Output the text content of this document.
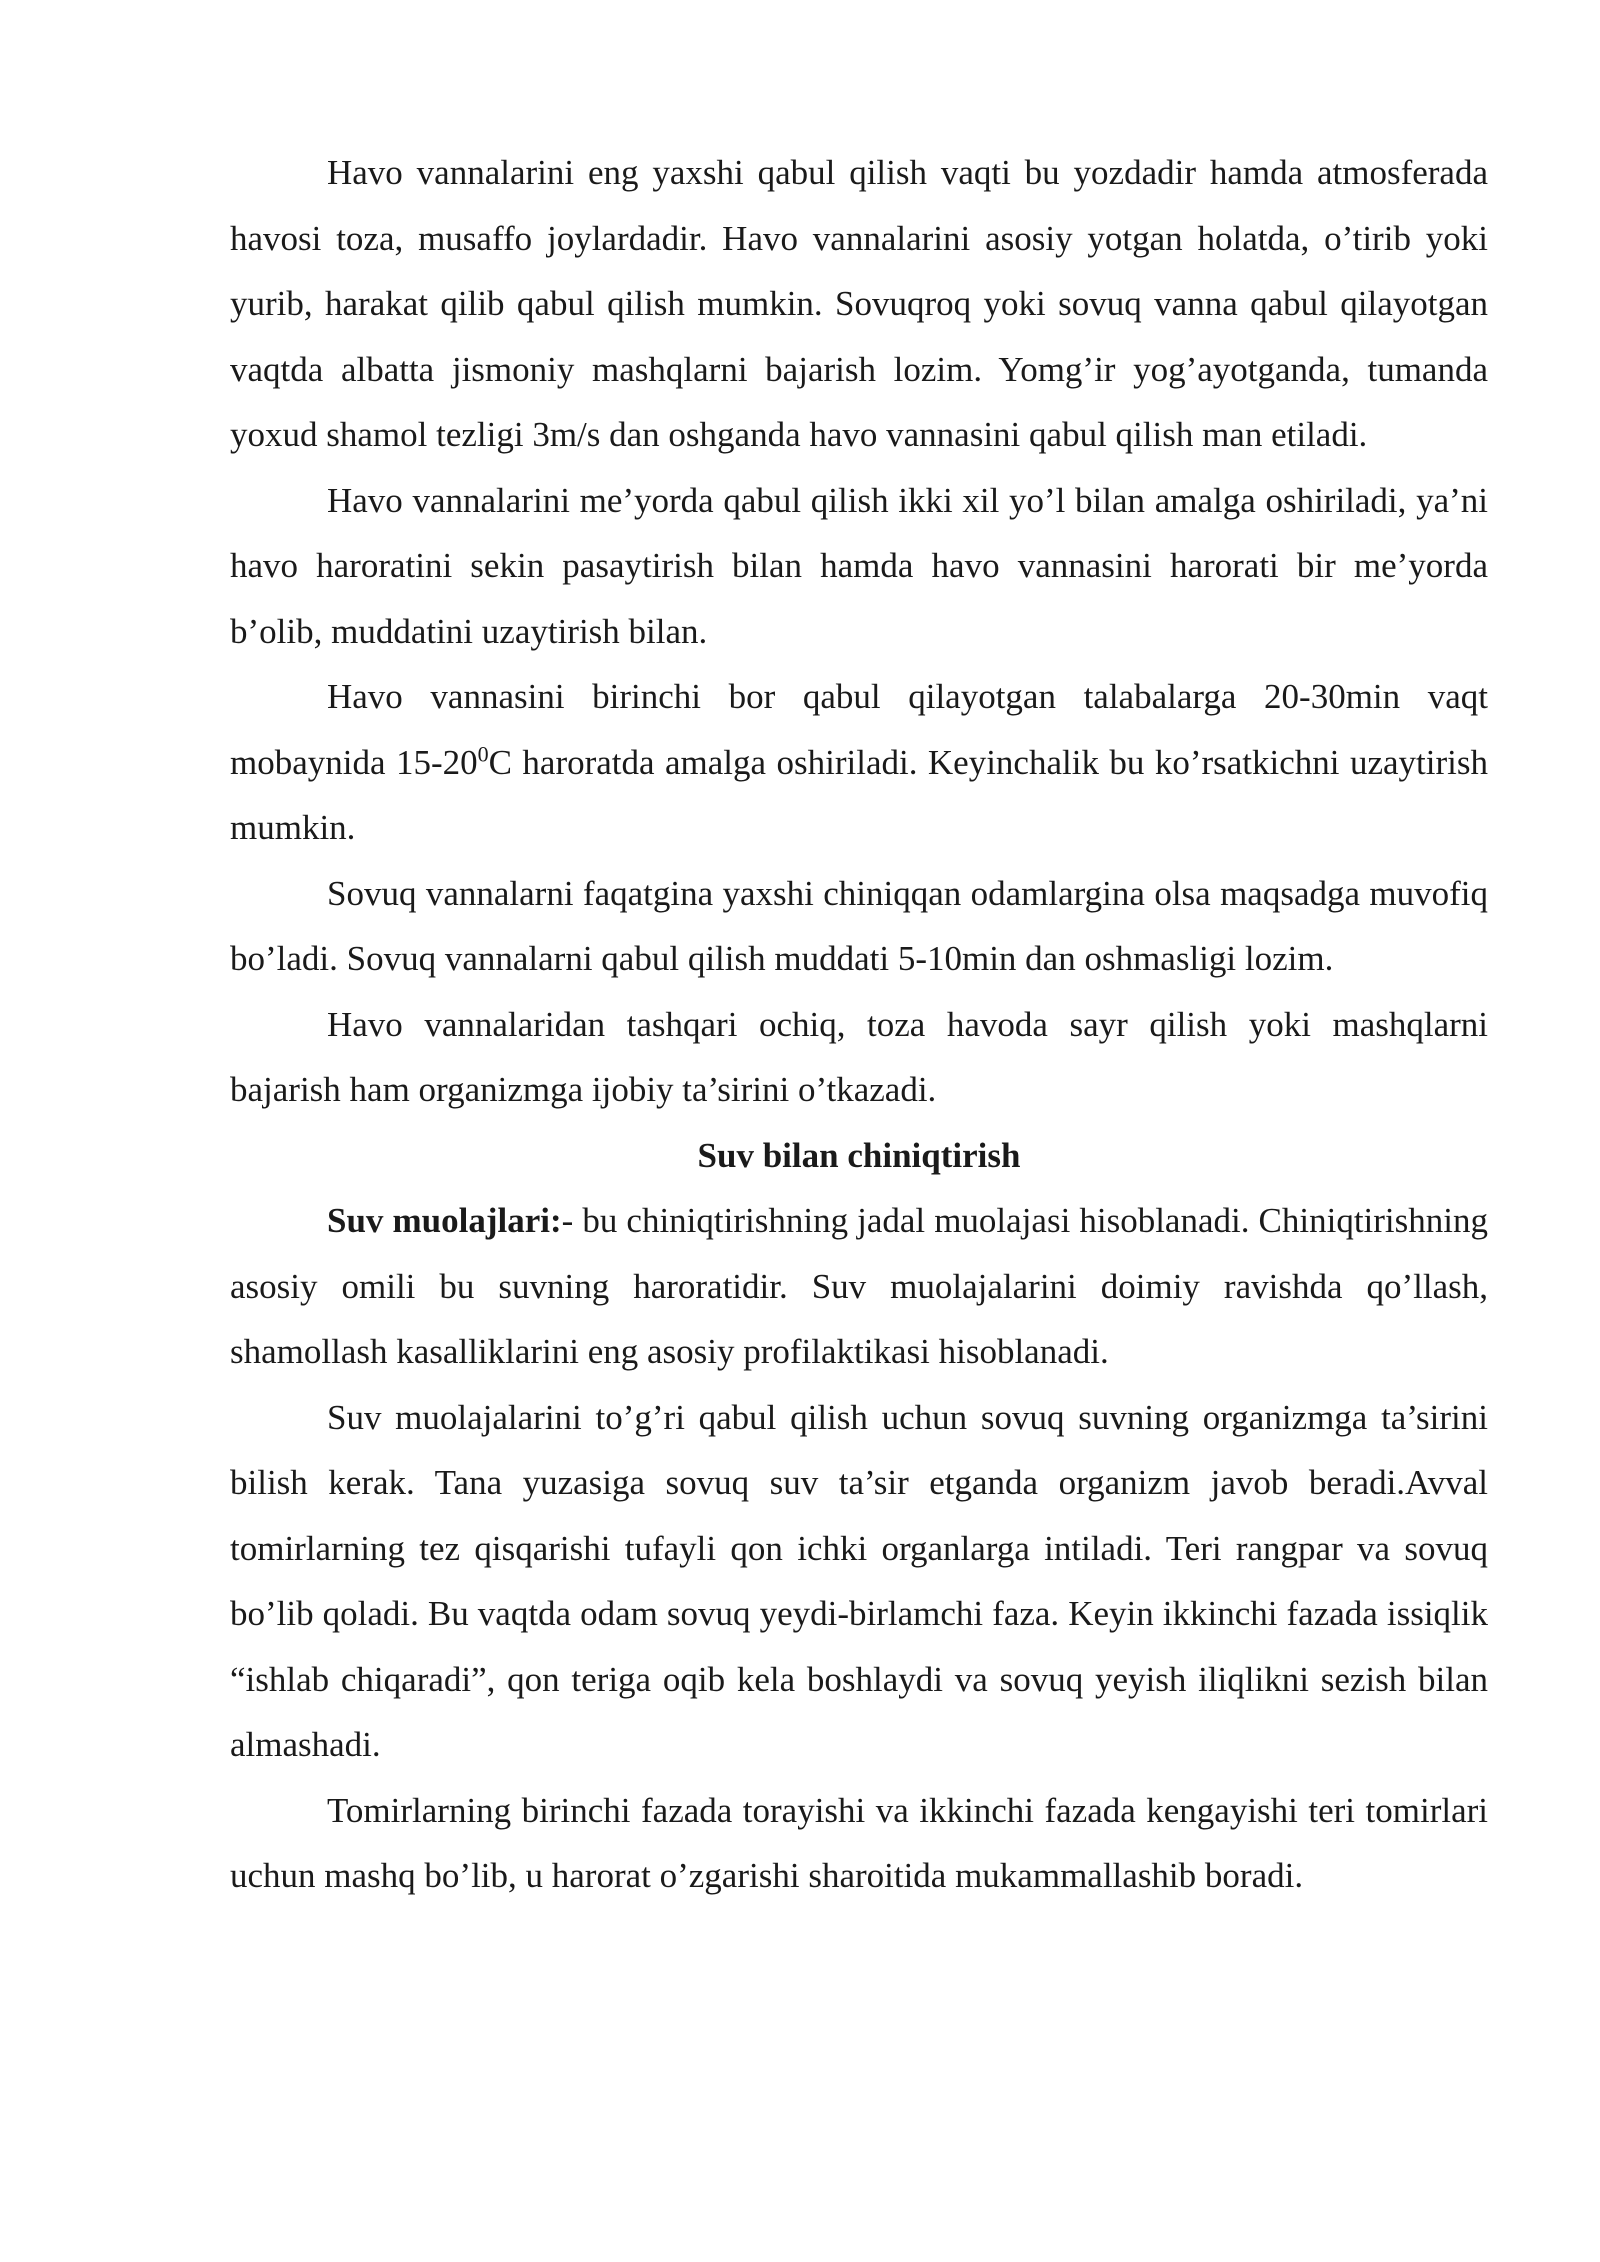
Havo vannalarini eng yaxshi qabul qilish vaqti bu yozdadir hamda atmosferada havosi toza, musaffo joylardadir. Havo vannalarini asosiy yotgan holatda, o’tirib yoki yurib, harakat qilib qabul qilish mumkin. Sovuqroq yoki sovuq vanna qabul qilayotgan vaqtda albatta jismoniy mashqlarni bajarish lozim. Yomg’ir yog’ayotganda, tumanda yoxud shamol tezligi 3m/s dan oshganda havo vannasini qabul qilish man etiladi.

Havo vannalarini me’yorda qabul qilish ikki xil yo’l bilan amalga oshiriladi, ya’ni havo haroratini sekin pasaytirish bilan hamda havo vannasini harorati bir me’yorda b’olib, muddatini uzaytirish bilan.

Havo vannasini birinchi bor qabul qilayotgan talabalarga 20-30min vaqt mobaynida $15-20^0C$ haroratda amalga oshiriladi. Keyinchalik bu ko’rsatkichni uzaytirish mumkin.

Sovuq vannalarni faqatgina yaxshi chiniqqan odamlargina olsa maqsadga muvofiq bo’ladi. Sovuq vannalarni qabul qilish muddati 5-10min dan oshmasligi lozim.

Havo vannalaridan tashqari ochiq, toza havoda sayr qilish yoki mashqlarni bajarish ham organizmga ijobiy ta’sirini o’tkazadi.

Suv bilan chiniqtirish

Suv muolajlari:- bu chiniqtirishning jadal muolajasi hisoblanadi. Chiniqtirishning asosiy omili bu suvning haroratidir. Suv muolajalarini doimiy ravishda qo’llash, shamollash kasalliklarini eng asosiy profilaktikasi hisoblanadi.

Suv muolajalarini to’g’ri qabul qilish uchun sovuq suvning organizmga ta’sirini bilish kerak. Tana yuzasiga sovuq suv ta’sir etganda organizm javob beradi.Avval tomirlarning tez qisqarishi tufayli qon ichki organlarga intiladi. Teri rangpar va sovuq bo’lib qoladi. Bu vaqtda odam sovuq yeydi-birlamchi faza. Keyin ikkinchi fazada issiqlik “ishlab chiqaradi”, qon teriga oqib kela boshlaydi va sovuq yeyish iliqlikni sezish bilan almashadi.

Tomirlarning birinchi fazada torayishi va ikkinchi fazada kengayishi teri tomirlari uchun mashq bo’lib, u harorat o’zgarishi sharoitida mukammallashib boradi.
